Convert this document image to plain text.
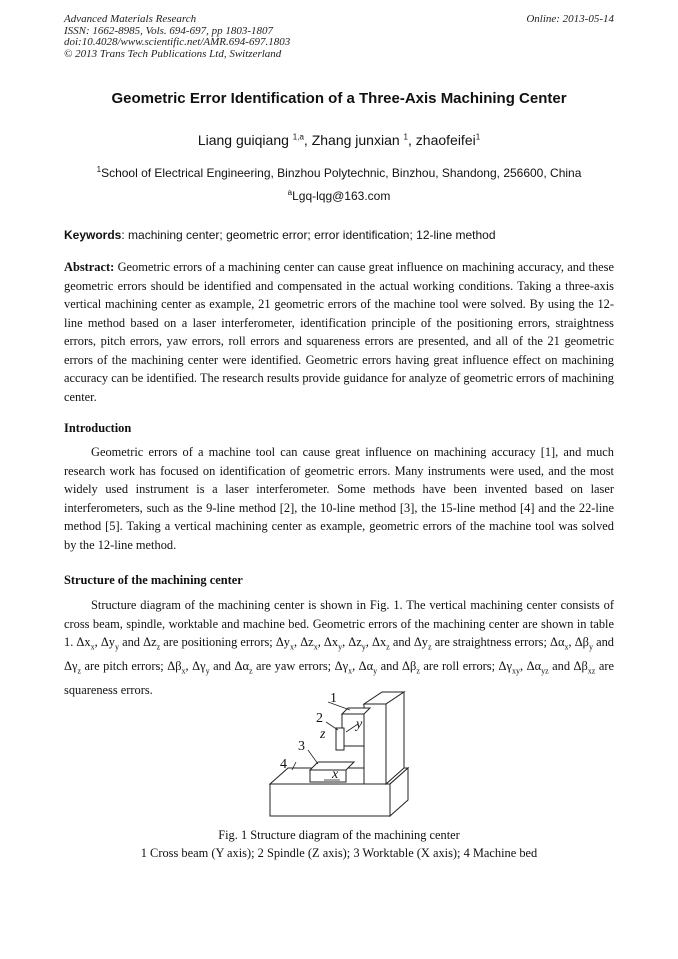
Advanced Materials Research
ISSN: 1662-8985, Vols. 694-697, pp 1803-1807
doi:10.4028/www.scientific.net/AMR.694-697.1803
© 2013 Trans Tech Publications Ltd, Switzerland
Online: 2013-05-14
Geometric Error Identification of a Three-Axis Machining Center
Liang guiqiang $^{1,a}$, Zhang junxian $^1$, zhaofeifei$^1$
$^1$School of Electrical Engineering, Binzhou Polytechnic, Binzhou, Shandong, 256600, China
$^a$Lgq-lqg@163.com
Keywords: machining center; geometric error; error identification; 12-line method
Abstract: Geometric errors of a machining center can cause great influence on machining accuracy, and these geometric errors should be identified and compensated in the actual working conditions. Taking a three-axis vertical machining center as example, 21 geometric errors of the machine tool were solved. By using the 12-line method based on a laser interferometer, identification principle of the positioning errors, straightness errors, pitch errors, yaw errors, roll errors and squareness errors are presented, and all of the 21 geometric errors of the machining center were identified. Geometric errors having great influence effect on machining accuracy can be identified. The research results provide guidance for analyze of geometric errors of machining center.
Introduction
Geometric errors of a machine tool can cause great influence on machining accuracy [1], and much research work has focused on identification of geometric errors. Many instruments were used, and the most widely used instrument is a laser interferometer. Some methods have been invented based on laser interferometers, such as the 9-line method [2], the 10-line method [3], the 15-line method [4] and the 22-line method [5]. Taking a vertical machining center as example, geometric errors of the machine tool was solved by the 12-line method.
Structure of the machining center
Structure diagram of the machining center is shown in Fig. 1. The vertical machining center consists of cross beam, spindle, worktable and machine bed. Geometric errors of the machining center are shown in table 1. $\Delta x_x$, $\Delta y_y$ and $\Delta z_z$ are positioning errors; $\Delta y_x$, $\Delta z_x$, $\Delta x_y$, $\Delta z_y$, $\Delta x_z$ and $\Delta y_z$ are straightness errors; $\Delta\alpha_x$, $\Delta\beta_y$ and $\Delta\gamma_z$ are pitch errors; $\Delta\beta_x$, $\Delta\gamma_y$ and $\Delta\alpha_z$ are yaw errors; $\Delta\gamma_x$, $\Delta\alpha_y$ and $\Delta\beta_z$ are roll errors; $\Delta\gamma_{xy}$, $\Delta\alpha_{yz}$ and $\Delta\beta_{xz}$ are squareness errors.
1
2
3
4
y
z
x
Fig. 1 Structure diagram of the machining center
1 Cross beam (Y axis); 2 Spindle (Z axis); 3 Worktable (X axis); 4 Machine bed
